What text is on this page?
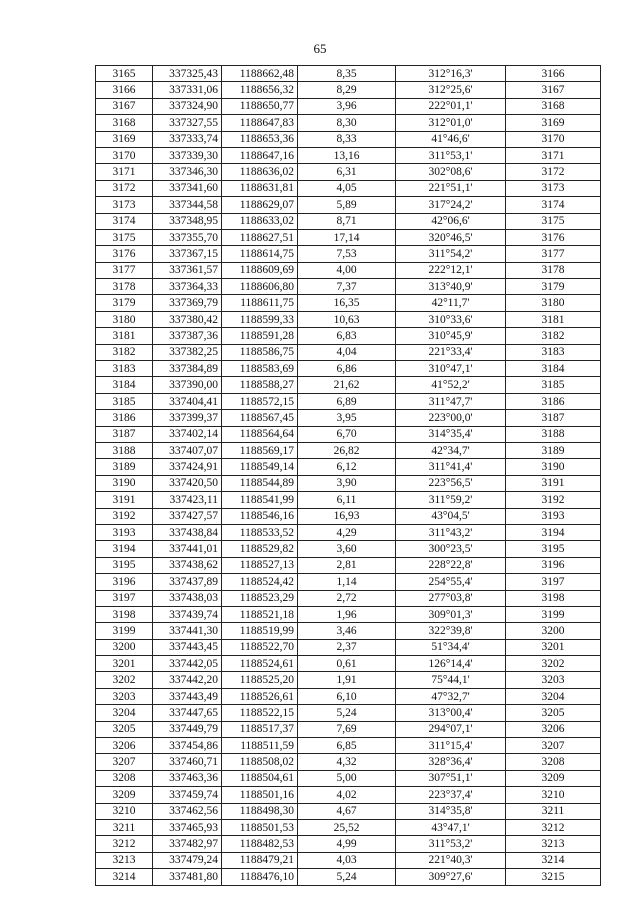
65
3165	337325,43	1188662,48	8,35	312°16,3'	3166
3166	337331,06	1188656,32	8,29	312°25,6'	3167
3167	337324,90	1188650,77	3,96	222°01,1'	3168
3168	337327,55	1188647,83	8,30	312°01,0'	3169
3169	337333,74	1188653,36	8,33	41°46,6'	3170
3170	337339,30	1188647,16	13,16	311°53,1'	3171
3171	337346,30	1188636,02	6,31	302°08,6'	3172
3172	337341,60	1188631,81	4,05	221°51,1'	3173
3173	337344,58	1188629,07	5,89	317°24,2'	3174
3174	337348,95	1188633,02	8,71	42°06,6'	3175
3175	337355,70	1188627,51	17,14	320°46,5'	3176
3176	337367,15	1188614,75	7,53	311°54,2'	3177
3177	337361,57	1188609,69	4,00	222°12,1'	3178
3178	337364,33	1188606,80	7,37	313°40,9'	3179
3179	337369,79	1188611,75	16,35	42°11,7'	3180
3180	337380,42	1188599,33	10,63	310°33,6'	3181
3181	337387,36	1188591,28	6,83	310°45,9'	3182
3182	337382,25	1188586,75	4,04	221°33,4'	3183
3183	337384,89	1188583,69	6,86	310°47,1'	3184
3184	337390,00	1188588,27	21,62	41°52,2'	3185
3185	337404,41	1188572,15	6,89	311°47,7'	3186
3186	337399,37	1188567,45	3,95	223°00,0'	3187
3187	337402,14	1188564,64	6,70	314°35,4'	3188
3188	337407,07	1188569,17	26,82	42°34,7'	3189
3189	337424,91	1188549,14	6,12	311°41,4'	3190
3190	337420,50	1188544,89	3,90	223°56,5'	3191
3191	337423,11	1188541,99	6,11	311°59,2'	3192
3192	337427,57	1188546,16	16,93	43°04,5'	3193
3193	337438,84	1188533,52	4,29	311°43,2'	3194
3194	337441,01	1188529,82	3,60	300°23,5'	3195
3195	337438,62	1188527,13	2,81	228°22,8'	3196
3196	337437,89	1188524,42	1,14	254°55,4'	3197
3197	337438,03	1188523,29	2,72	277°03,8'	3198
3198	337439,74	1188521,18	1,96	309°01,3'	3199
3199	337441,30	1188519,99	3,46	322°39,8'	3200
3200	337443,45	1188522,70	2,37	51°34,4'	3201
3201	337442,05	1188524,61	0,61	126°14,4'	3202
3202	337442,20	1188525,20	1,91	75°44,1'	3203
3203	337443,49	1188526,61	6,10	47°32,7'	3204
3204	337447,65	1188522,15	5,24	313°00,4'	3205
3205	337449,79	1188517,37	7,69	294°07,1'	3206
3206	337454,86	1188511,59	6,85	311°15,4'	3207
3207	337460,71	1188508,02	4,32	328°36,4'	3208
3208	337463,36	1188504,61	5,00	307°51,1'	3209
3209	337459,74	1188501,16	4,02	223°37,4'	3210
3210	337462,56	1188498,30	4,67	314°35,8'	3211
3211	337465,93	1188501,53	25,52	43°47,1'	3212
3212	337482,97	1188482,53	4,99	311°53,2'	3213
3213	337479,24	1188479,21	4,03	221°40,3'	3214
3214	337481,80	1188476,10	5,24	309°27,6'	3215
